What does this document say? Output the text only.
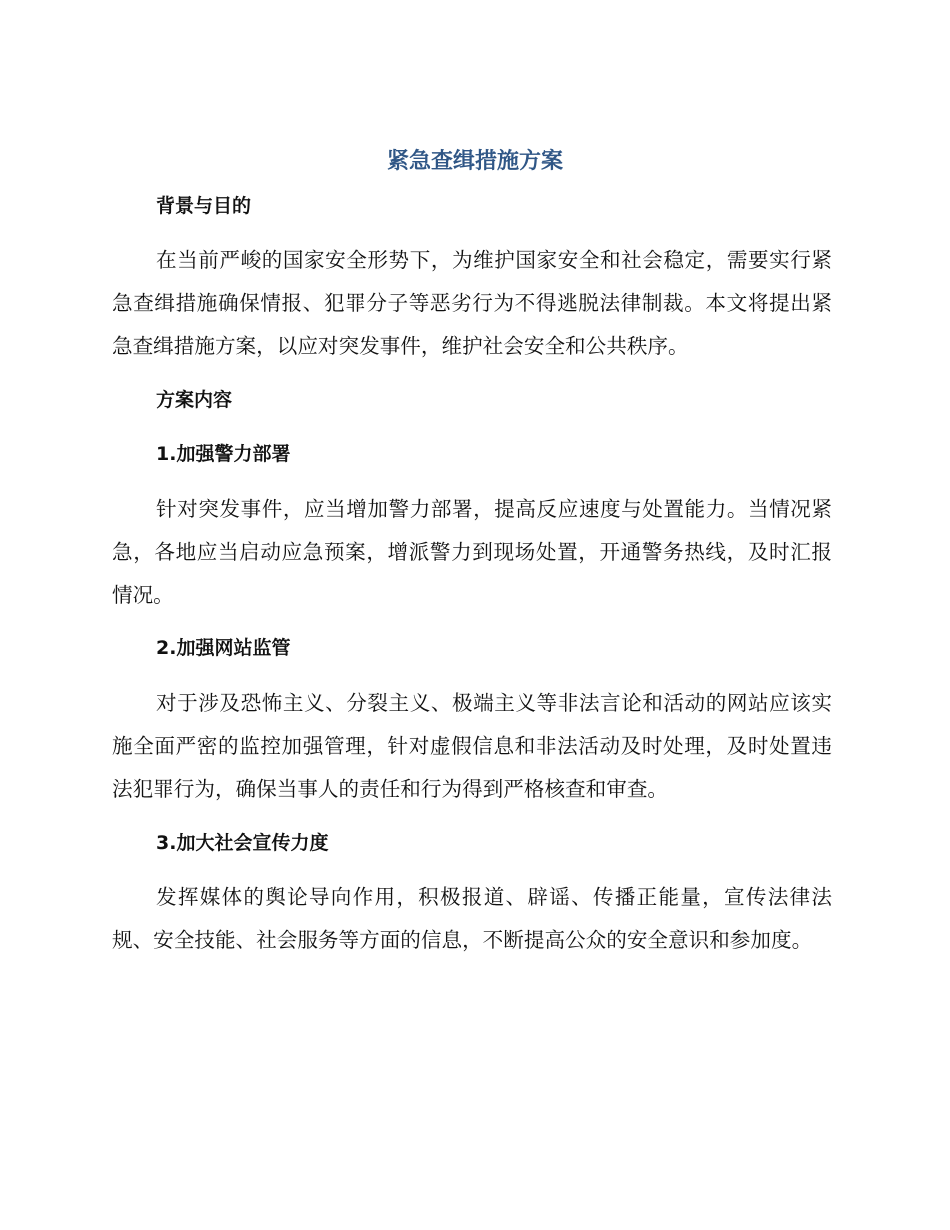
紧急查缉措施方案
背景与目的
在当前严峻的国家安全形势下，为维护国家安全和社会稳定，需要实行紧急查缉措施确保情报、犯罪分子等恶劣行为不得逃脱法律制裁。本文将提出紧急查缉措施方案，以应对突发事件，维护社会安全和公共秩序。
方案内容
1.加强警力部署
针对突发事件，应当增加警力部署，提高反应速度与处置能力。当情况紧急，各地应当启动应急预案，增派警力到现场处置，开通警务热线，及时汇报情况。
2.加强网站监管
对于涉及恐怖主义、分裂主义、极端主义等非法言论和活动的网站应该实施全面严密的监控加强管理，针对虚假信息和非法活动及时处理，及时处置违法犯罪行为，确保当事人的责任和行为得到严格核查和审查。
3.加大社会宣传力度
发挥媒体的舆论导向作用，积极报道、辟谣、传播正能量，宣传法律法规、安全技能、社会服务等方面的信息，不断提高公众的安全意识和参加度。
